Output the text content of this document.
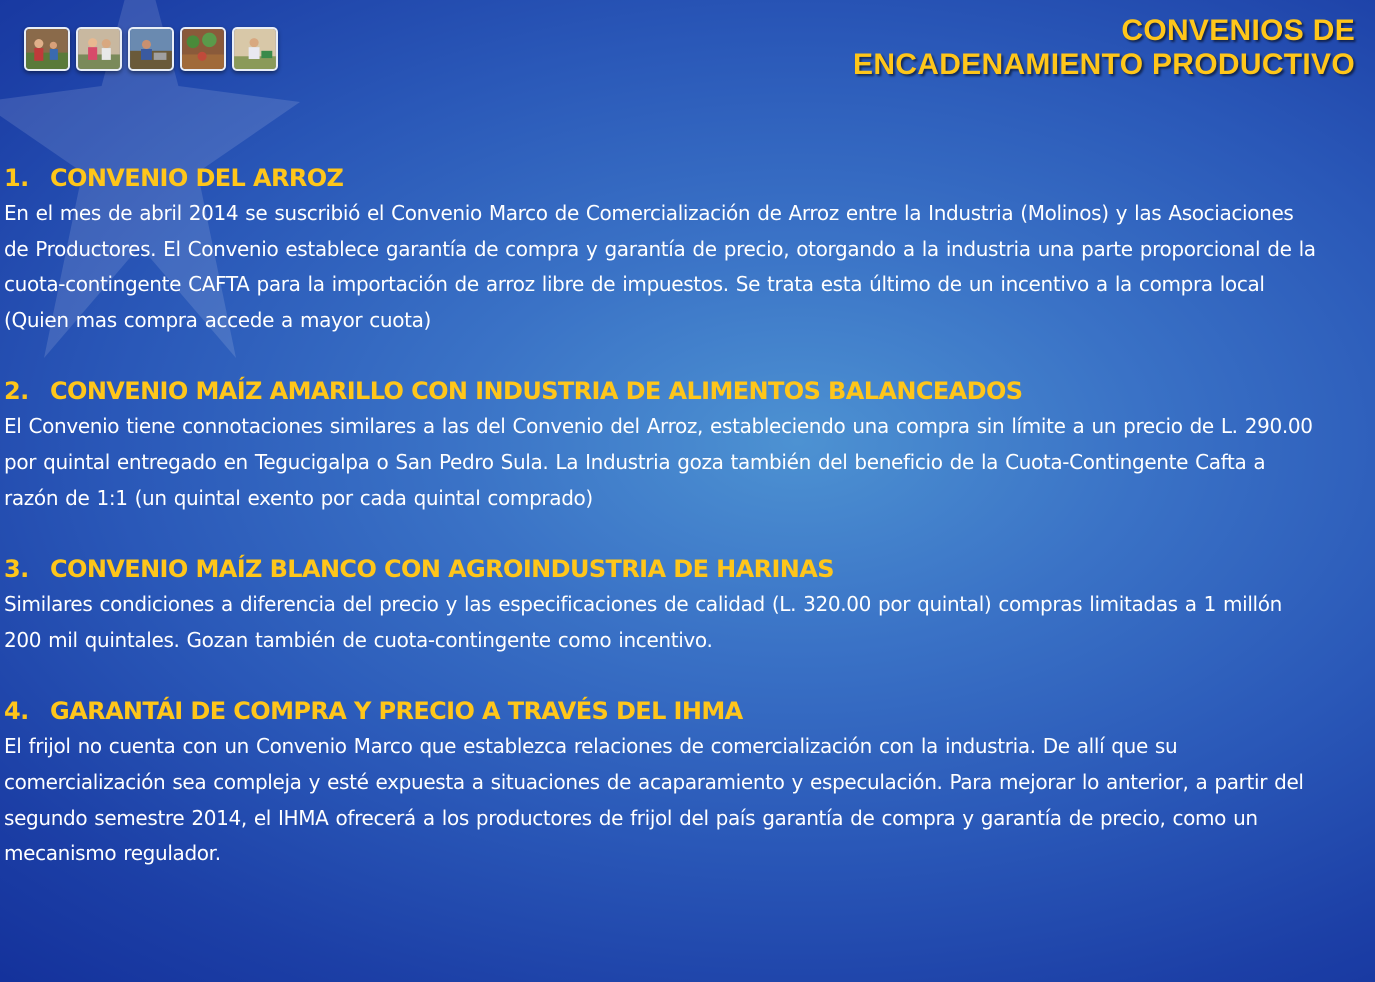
CONVENIOS DE
ENCADENAMIENTO PRODUCTIVO
1. CONVENIO DEL ARROZ

En el mes de abril 2014 se suscribió el Convenio Marco de Comercialización de Arroz entre la Industria (Molinos) y las Asociaciones de Productores. El Convenio establece garantía de compra y garantía de precio, otorgando a la industria una parte proporcional de la cuota-contingente CAFTA para la importación de arroz libre de impuestos. Se trata esta último de un incentivo a la compra local (Quien mas compra accede a mayor cuota)

2. CONVENIO MAÍZ AMARILLO CON INDUSTRIA DE ALIMENTOS BALANCEADOS

El Convenio tiene connotaciones similares a las del Convenio del Arroz, estableciendo una compra sin límite a un precio de L. 290.00 por quintal entregado en Tegucigalpa o San Pedro Sula. La Industria goza también del beneficio de la Cuota-Contingente Cafta a razón de 1:1 (un quintal exento por cada quintal comprado)

3. CONVENIO MAÍZ BLANCO CON AGROINDUSTRIA DE HARINAS

Similares condiciones a diferencia del precio y las especificaciones de calidad (L. 320.00 por quintal) compras limitadas a 1 millón 200 mil quintales. Gozan también de cuota-contingente como incentivo.

4. GARANTÁI DE COMPRA Y PRECIO A TRAVÉS DEL IHMA

El frijol no cuenta con un Convenio Marco que establezca relaciones de comercialización con la industria. De allí que su comercialización sea compleja y esté expuesta a situaciones de acaparamiento y especulación. Para mejorar lo anterior, a partir del segundo semestre 2014, el IHMA ofrecerá a los productores de frijol del país garantía de compra y garantía de precio, como un mecanismo regulador.
